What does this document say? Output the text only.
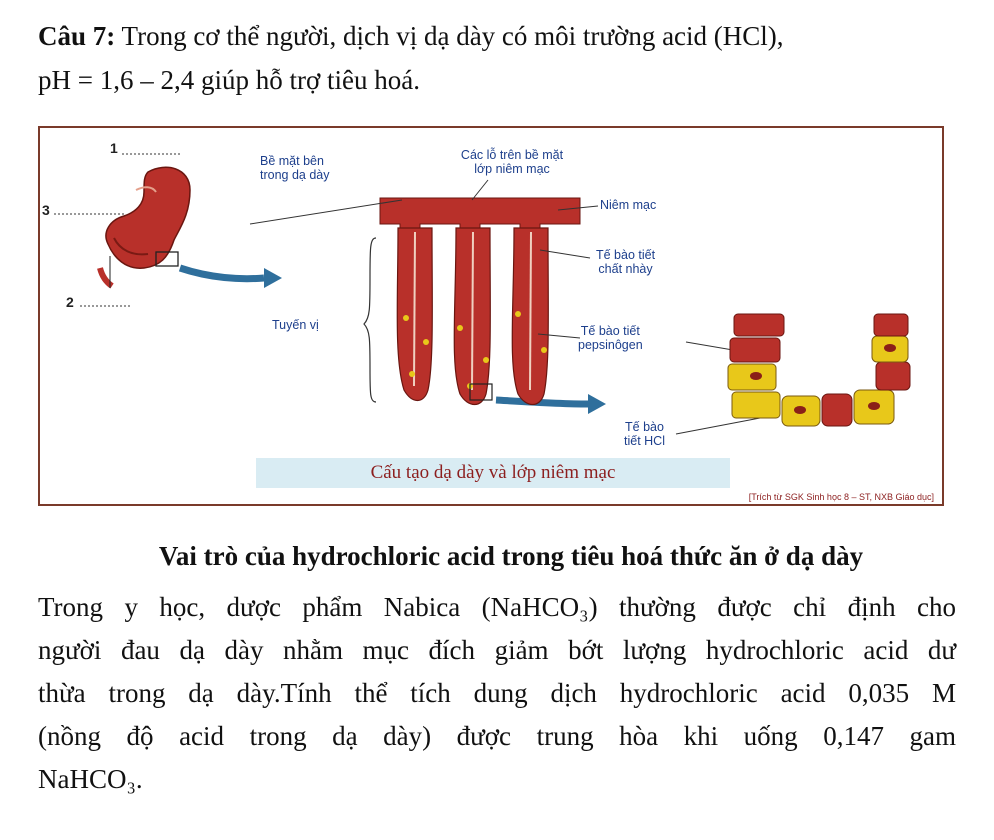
Câu 7: Trong cơ thể người, dịch vị dạ dày có môi trường acid (HCl),
pH = 1,6 – 2,4 giúp hỗ trợ tiêu hoá.
1
3
2
Bề mặt bên
trong dạ dày
Các lỗ trên bề mặt
lớp niêm mạc
Niêm mạc
Tế bào tiết
chất nhày
Tuyến vị	Tế bào tiết
pepsinôgen
Tế bào
tiết HCl
Cấu tạo dạ dày và lớp niêm mạc
[Trích từ SGK Sinh học 8 – ST, NXB Giáo dục]
Vai trò của hydrochloric acid trong tiêu hoá thức ăn ở dạ dày
Trong y học, dược phẩm Nabica (NaHCO₃) thường được chỉ định cho
người đau dạ dày nhằm mục đích giảm bớt lượng hydrochloric acid dư
thừa trong dạ dày.Tính thể tích dung dịch hydrochloric acid 0,035 M
(nồng độ acid trong dạ dày) được trung hòa khi uống 0,147 gam
NaHCO₃.
